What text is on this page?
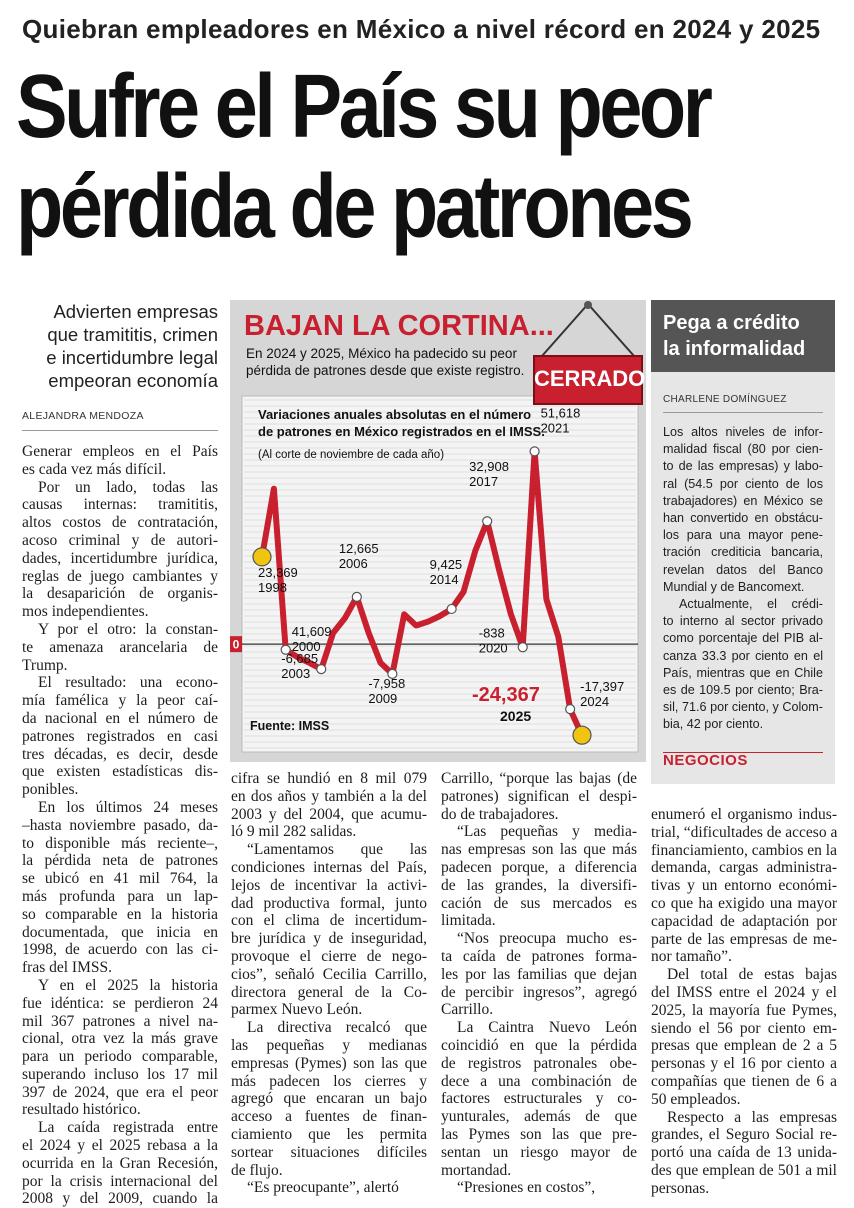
Quiebran empleadores en México a nivel récord en 2024 y 2025
Sufre el País su peor
pérdida de patrones
Advierten empresas
que tramititis, crimen
e incertidumbre legal
empeoran economía
ALEJANDRA MENDOZA
Generar empleos en el País
es cada vez más difícil.
Por un lado, todas las
causas internas: tramititis,
altos costos de contratación,
acoso criminal y de autori-
dades, incertidumbre jurídica,
reglas de juego cambiantes y
la desaparición de organis-
mos independientes.
Y por el otro: la constan-
te amenaza arancelaria de
Trump.
El resultado: una econo-
mía famélica y la peor caí-
da nacional en el número de
patrones registrados en casi
tres décadas, es decir, desde
que existen estadísticas dis-
ponibles.
En los últimos 24 meses
–hasta noviembre pasado, da-
to disponible más reciente–,
la pérdida neta de patrones
se ubicó en 41 mil 764, la
más profunda para un lap-
so comparable en la historia
documentada, que inicia en
1998, de acuerdo con las ci-
fras del IMSS.
Y en el 2025 la historia
fue idéntica: se perdieron 24
mil 367 patrones a nivel na-
cional, otra vez la más grave
para un periodo comparable,
superando incluso los 17 mil
397 de 2024, que era el peor
resultado histórico.
La caída registrada entre
el 2024 y el 2025 rebasa a la
ocurrida en la Gran Recesión,
por la crisis internacional del
2008 y del 2009, cuando la
cifra se hundió en 8 mil 079
en dos años y también a la del
2003 y del 2004, que acumu-
ló 9 mil 282 salidas.
“Lamentamos que las
condiciones internas del País,
lejos de incentivar la activi-
dad productiva formal, junto
con el clima de incertidum-
bre jurídica y de inseguridad,
provoque el cierre de nego-
cios”, señaló Cecilia Carrillo,
directora general de la Co-
parmex Nuevo León.
La directiva recalcó que
las pequeñas y medianas
empresas (Pymes) son las que
más padecen los cierres y
agregó que encaran un bajo
acceso a fuentes de finan-
ciamiento que les permita
sortear situaciones difíciles
de flujo.
“Es preocupante”, alertó
Carrillo, “porque las bajas (de
patrones) significan el despi-
do de trabajadores.
“Las pequeñas y media-
nas empresas son las que más
padecen porque, a diferencia
de las grandes, la diversifi-
cación de sus mercados es
limitada.
“Nos preocupa mucho es-
ta caída de patrones forma-
les por las familias que dejan
de percibir ingresos”, agregó
Carrillo.
La Caintra Nuevo León
coincidió en que la pérdida
de registros patronales obe-
dece a una combinación de
factores estructurales y co-
yunturales, además de que
las Pymes son las que pre-
sentan un riesgo mayor de
mortandad.
“Presiones en costos”,
enumeró el organismo indus-
trial, “dificultades de acceso a
financiamiento, cambios en la
demanda, cargas administra-
tivas y un entorno económi-
co que ha exigido una mayor
capacidad de adaptación por
parte de las empresas de me-
nor tamaño”.
Del total de estas bajas
del IMSS entre el 2024 y el
2025, la mayoría fue Pymes,
siendo el 56 por ciento em-
presas que emplean de 2 a 5
personas y el 16 por ciento a
compañías que tienen de 6 a
50 empleados.
Respecto a las empresas
grandes, el Seguro Social re-
portó una caída de 13 unida-
des que emplean de 501 a mil
personas.
0
23,369
1998
41,609
2000
-6,685
2003
12,665
2006
-7,958
2009
9,425
2014
32,908
2017
-838
2020
51,618
2021
-17,397
2024
-24,367
2025
BAJAN LA CORTINA...
En 2024 y 2025, México ha padecido su peor
pérdida de patrones desde que existe registro. CERRADO
Variaciones anuales absolutas en el número
de patrones en México registrados en el IMSS.
(Al corte de noviembre de cada año)
Fuente: IMSS
Pega a crédito
la informalidad
CHARLENE DOMÍNGUEZ
Los altos niveles de infor-
malidad fiscal (80 por cien-
to de las empresas) y labo-
ral (54.5 por ciento de los
trabajadores) en México se
han convertido en obstácu-
los para una mayor pene-
tración crediticia bancaria,
revelan datos del Banco
Mundial y de Bancomext.
Actualmente, el crédi-
to interno al sector privado
como porcentaje del PIB al-
canza 33.3 por ciento en el
País, mientras que en Chile
es de 109.5 por ciento; Bra-
sil, 71.6 por ciento, y Colom-
bia, 42 por ciento.
NEGOCIOS
